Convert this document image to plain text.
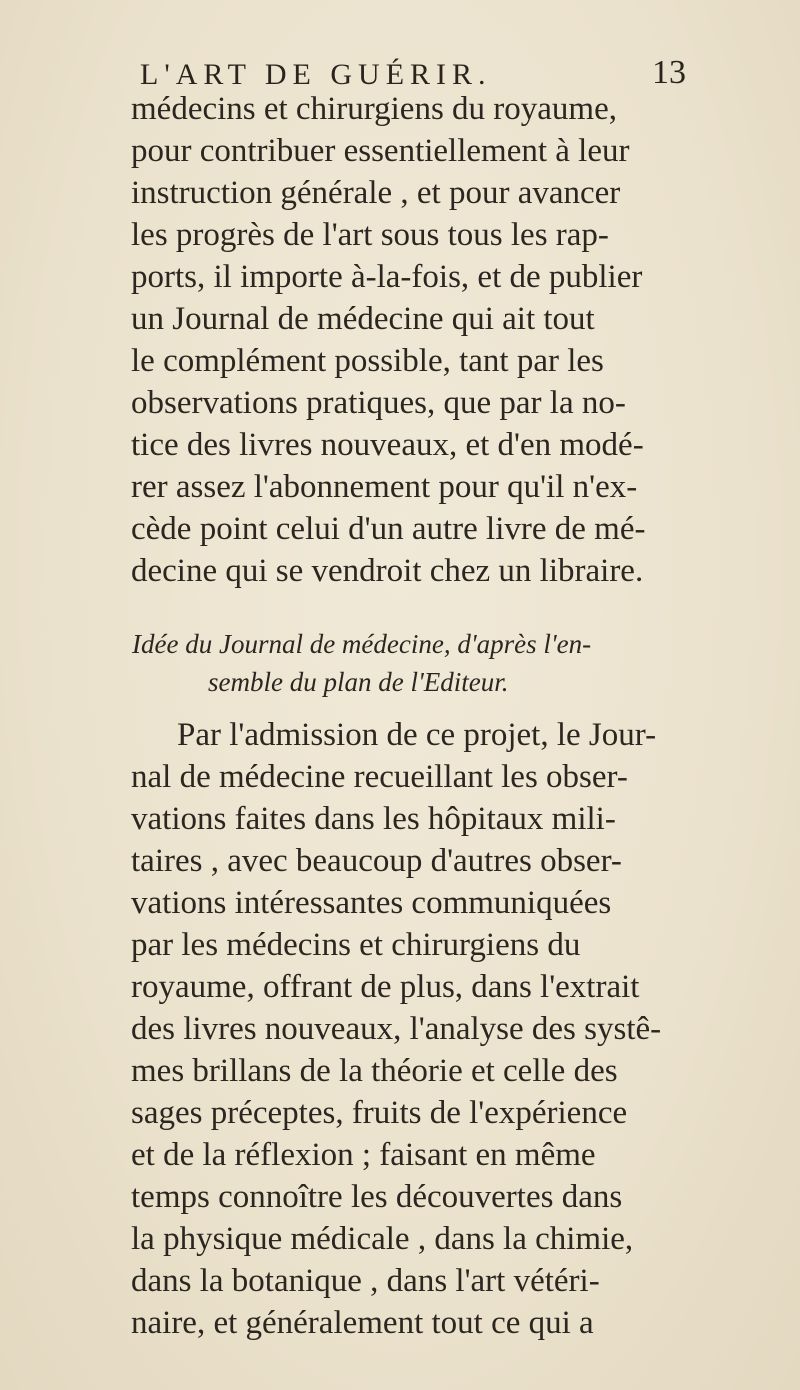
L'ART DE GUÉRIR.	13
médecins et chirurgiens du royaume,
pour contribuer essentiellement à leur
instruction générale , et pour avancer
les progrès de l'art sous tous les rap-
ports, il importe à-la-fois, et de publier
un Journal de médecine qui ait tout
le complément possible, tant par les
observations pratiques, que par la no-
tice des livres nouveaux, et d'en modé-
rer assez l'abonnement pour qu'il n'ex-
cède point celui d'un autre livre de mé-
decine qui se vendroit chez un libraire.
Idée du Journal de médecine, d'après l'en-
semble du plan de l'Editeur.
Par l'admission de ce projet, le Jour-
nal de médecine recueillant les obser-
vations faites dans les hôpitaux mili-
taires , avec beaucoup d'autres obser-
vations intéressantes communiquées
par les médecins et chirurgiens du
royaume, offrant de plus, dans l'extrait
des livres nouveaux, l'analyse des systê-
mes brillans de la théorie et celle des
sages préceptes, fruits de l'expérience
et de la réflexion ; faisant en même
temps connoître les découvertes dans
la physique médicale , dans la chimie,
dans la botanique , dans l'art vétéri-
naire, et généralement tout ce qui a
